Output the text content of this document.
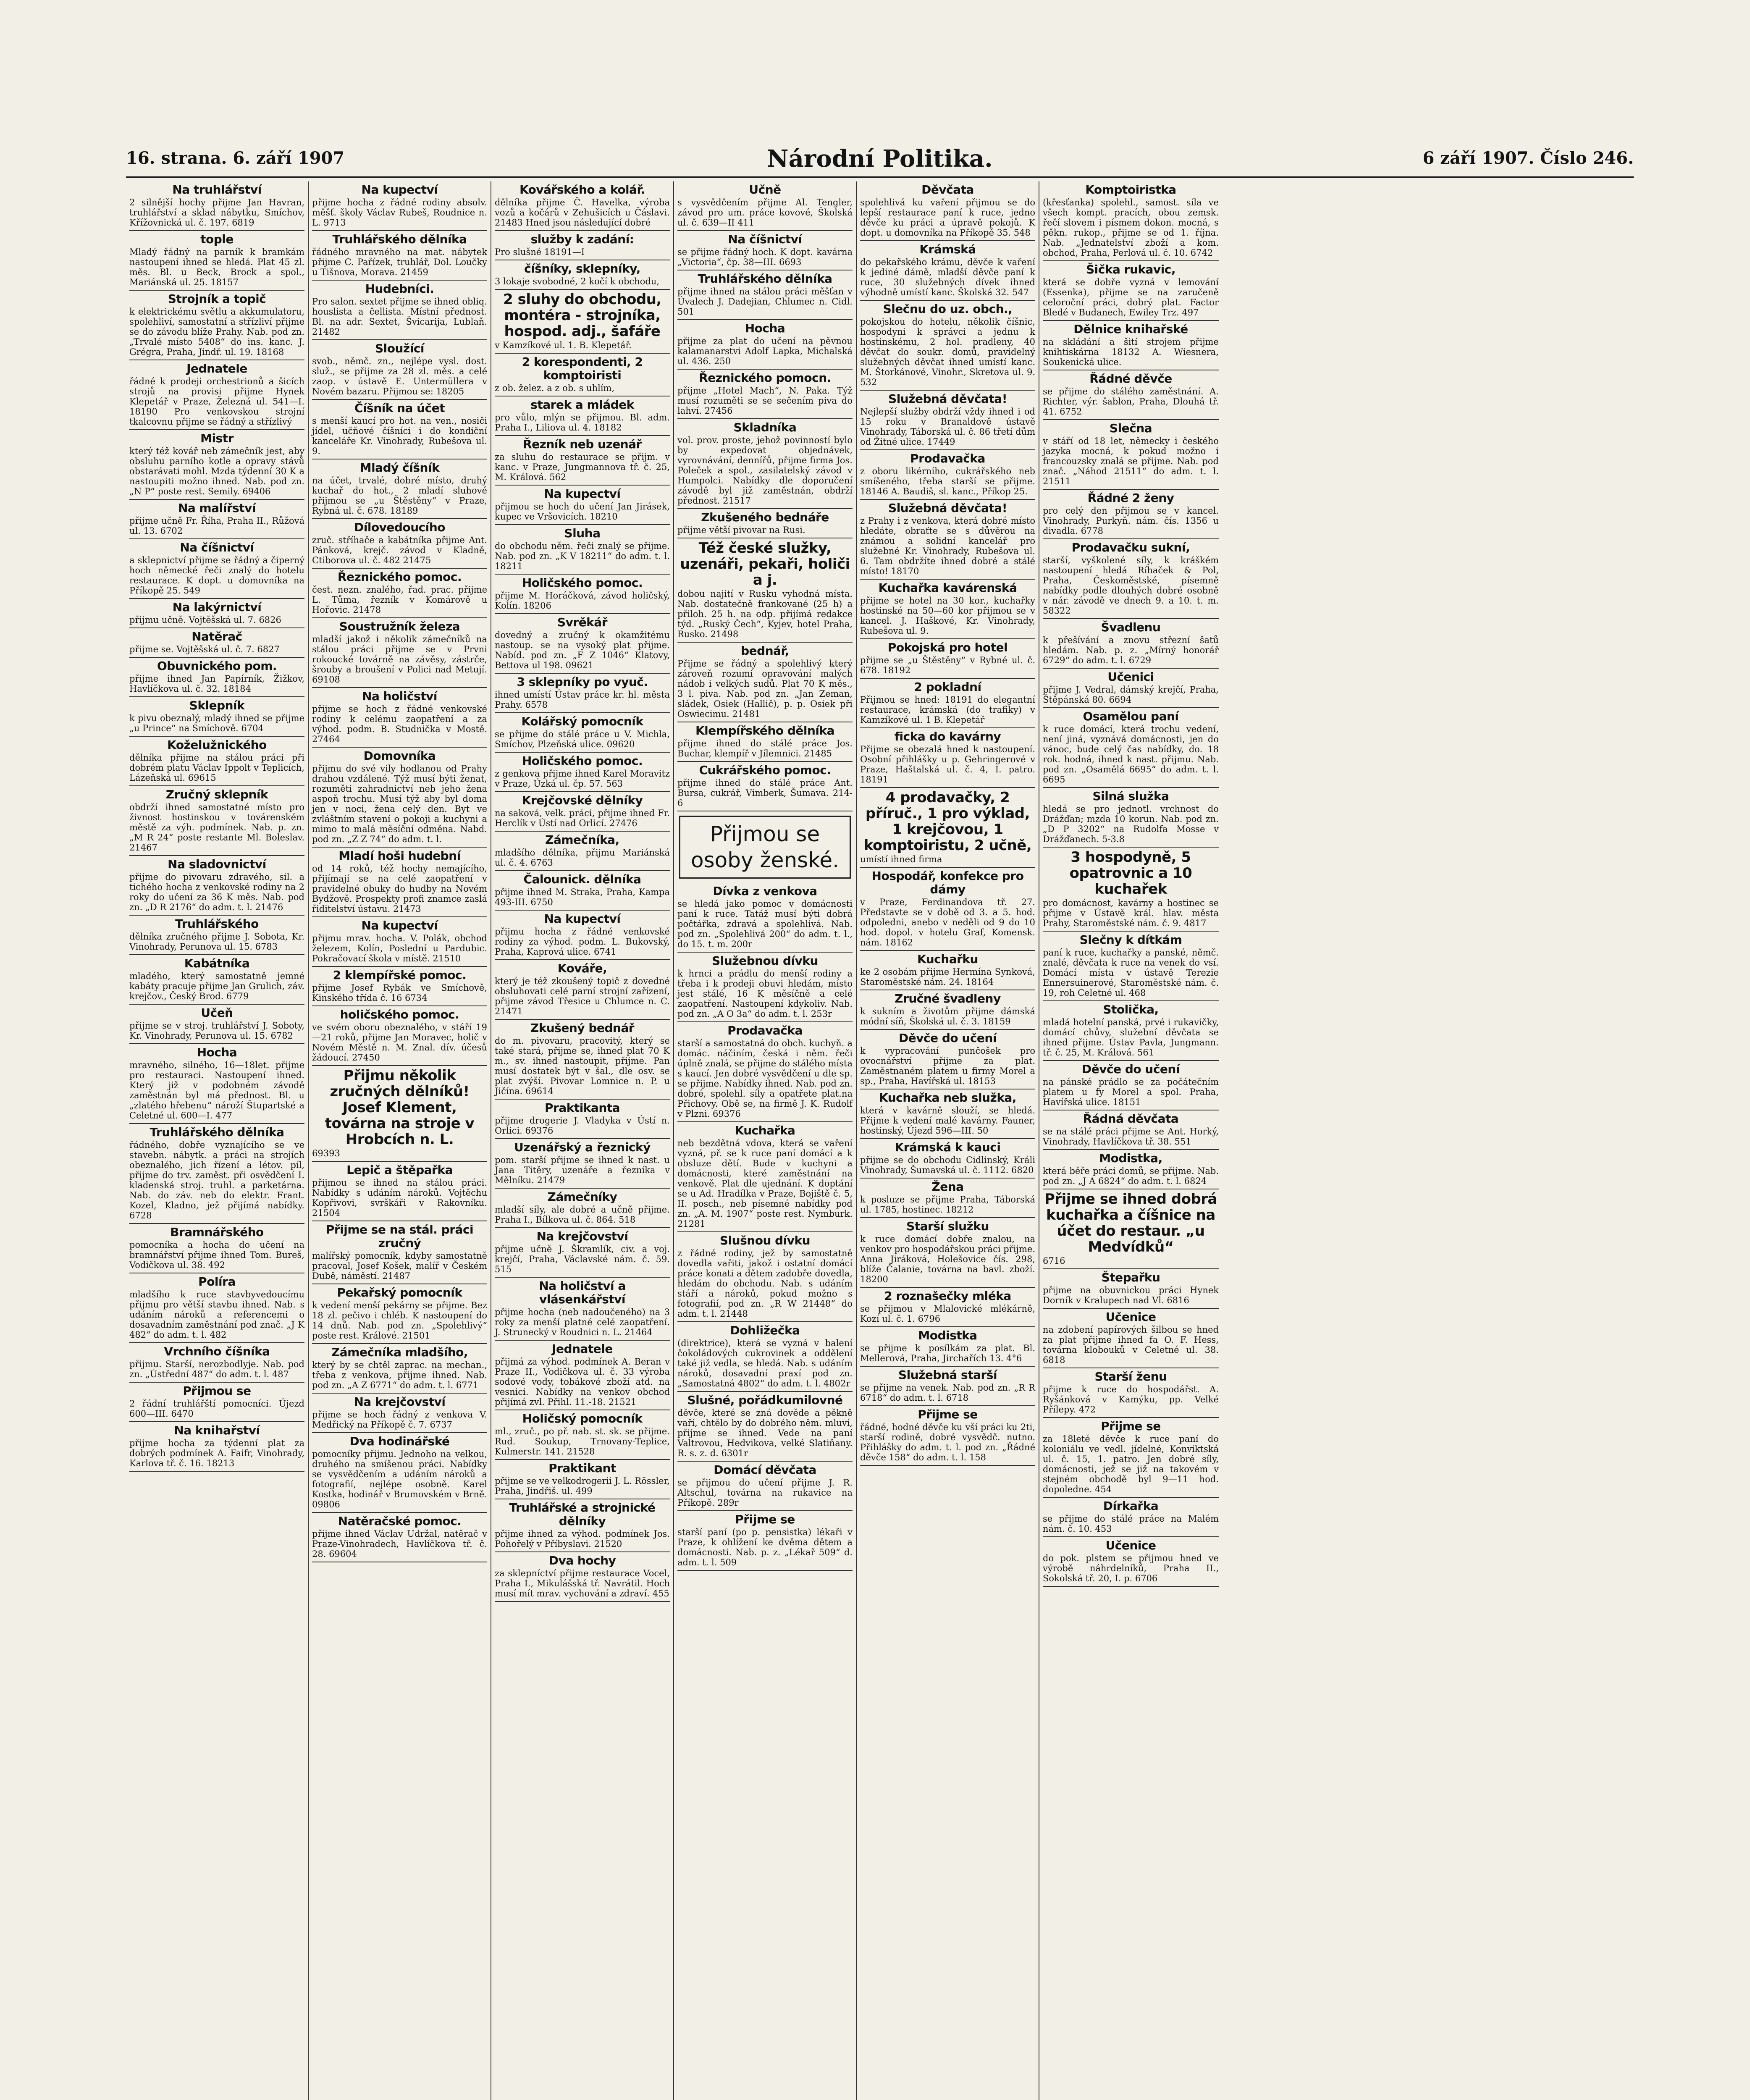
16. strana. 6. září 1907	Národní Politika.	6 září 1907. Číslo 246.
Na truhlářství
2 silnější hochy přijme Jan Havran, truhlářství a sklad nábytku, Smíchov, Křížovnická ul. č. 197. 6819
tople
Mladý řádný na parník k bramkám nastoupení ihned se hledá. Plat 45 zl. měs. Bl. u Beck, Brock a spol., Mariánská ul. 25. 18157
Strojník a topič
k elektrickému světlu a akkumulatoru, spolehliví, samostatní a střízliví přijme se do závodu blíže Prahy. Nab. pod zn. „Trvalé místo 5408“ do ins. kanc. J. Grégra, Praha, Jindř. ul. 19. 18168
Jednatele
řádné k prodeji orchestrionů a šicích strojů na provisi přijme Hynek Klepetář v Praze, Železná ul. 541—I. 18190 Pro venkovskou strojní tkalcovnu přijme se řádný a střízlivý
Mistr
který též kovář neb zámečník jest, aby obsluhu parního kotle a opravy stávů obstarávati mohl. Mzda týdenní 30 K a nastoupiti možno ihned. Nab. pod zn. „N P“ poste rest. Semily. 69406
Na malířství
přijme učně Fr. Říha, Praha II., Růžová ul. 13. 6702
Na číšnictví
a sklepnictví přijme se řádný a čiperný hoch německé řeči znalý do hotelu restaurace. K dopt. u domovníka na Příkopě 25. 549
Na lakýrnictví
přijmu učně. Vojtěšská ul. 7. 6826
Natěrač
přijme se. Vojtěšská ul. č. 7. 6827
Obuvnického pom.
přijme ihned Jan Papírník, Žižkov, Havlíčkova ul. č. 32. 18184
Sklepník
k pivu obeznalý, mladý ihned se přijme „u Prince“ na Smíchově. 6704
Koželužnického
dělníka přijme na stálou práci při dobrém platu Václav Ippolt v Teplicích, Lázeňská ul. 69615
Zručný sklepník
obdrží ihned samostatné místo pro živnost hostinskou v továrenském městě za výh. podmínek. Nab. p. zn. „M R 24“ poste restante Ml. Boleslav. 21467
Na sladovnictví
přijme do pivovaru zdravého, sil. a tichého hocha z venkovské rodiny na 2 roky do učení za 36 K měs. Nab. pod zn. „D R 2176“ do adm. t. l. 21476
Truhlářského
dělníka zručného přijme J. Sobota, Kr. Vinohrady, Perunova ul. 15. 6783
Kabátníka
mladého, který samostatně jemné kabáty pracuje přijme Jan Grulich, záv. krejčov., Český Brod. 6779
Učeň
přijme se v stroj. truhlářství J. Soboty, Kr. Vinohrady, Perunova ul. 15. 6782
Hocha
mravného, silného, 16—18let. přijme pro restauraci. Nastoupení ihned. Který již v podobném závodě zaměstnán byl má přednost. Bl. u „zlatého hřebenu“ nároží Štupartské a Celetné ul. 600—I. 477
Truhlářského dělníka
řádného, dobře vyznajícího se ve stavebn. nábytk. a práci na strojích obeznalého, jich řízení a létov. píl, přijme do trv. zaměst. při osvědčení I. kladenská stroj. truhl. a parketárna. Nab. do záv. neb do elektr. Frant. Kozel, Kladno, jež přijímá nabídky. 6728
Bramnářského
pomocníka a hocha do učení na bramnářství přijme ihned Tom. Bureš, Vodičkova ul. 38. 492
Políra
mladšího k ruce stavbyvedoucímu přijmu pro větší stavbu ihned. Nab. s udáním nároků a referencemi o dosavadním zaměstnání pod znač. „J K 482“ do adm. t. l. 482
Vrchního číšníka
přijmu. Starší, nerozbodlyje. Nab. pod zn. „Ústřední 487“ do adm. t. l. 487
Přijmou se
2 řádní truhlářští pomocníci. Újezd 600—III. 6470
Na knihařství
přijme hocha za týdenní plat za dobrých podmínek A. Faifr, Vinohrady, Karlova tř. č. 16. 18213
Na kupectví
přijme hocha z řádné rodiny absolv. měšť. školy Václav Rubeš, Roudnice n. L. 9713
Truhlářského dělníka
řádného mravného na mat. nábytek přijme C. Pařízek, truhlář, Dol. Loučky u Tišnova, Morava. 21459
Hudebníci.
Pro salon. sextet přijme se ihned obliq. houslista a čellista. Místní přednost. Bl. na adr. Sextet, Švicarija, Lublaň. 21482
Sloužící
svob., němč. zn., nejlépe vysl. dost. služ., se přijme za 28 zl. měs. a celé zaop. v ústavě E. Untermüllera v Novém bazaru. Přijmou se: 18205
Číšník na účet
s menší kaucí pro hot. na ven., nosiči jídel, učňové číšníci i do kondiční kanceláře Kr. Vinohrady, Rubešova ul. 9.
Mladý číšník
na účet, trvalé, dobré místo, druhý kuchař do hot., 2 mladí sluhové přijmou se „u Štěstěny“ v Praze, Rybná ul. č. 678. 18189
Dílovedoucího
zruč. stříhače a kabátníka přijme Ant. Pánková, krejč. závod v Kladně, Ctiborova ul. č. 482 21475
Řeznického pomoc.
čest. nezn. znalého, řad. prac. přijme L. Tůma, řezník v Komárově u Hořovic. 21478
Soustružník železa
mladší jakož i několik zámečníků na stálou práci přijme se v Prvni rokoucké továrně na závěsy, zástrče, šrouby a broušení v Polici nad Metují. 69108
Na holičství
přijme se hoch z řádné venkovské rodiny k celému zaopatření a za výhod. podm. B. Studnička v Mostě. 27464
Domovníka
přijmu do své vily hodlanou od Prahy drahou vzdálené. Týž musí býti ženat, rozuměti zahradnictví neb jeho žena aspoň trochu. Musí týž aby byl doma jen v noci, žena celý den. Byt ve zvláštním stavení o pokoji a kuchyni a mimo to malá měsíční odměna. Nabd. pod zn. „Z Z 74“ do adm. t. l.
Mladí hoši hudební
od 14 roků, též hochy nemajícího, přijímají se na celé zaopatření v pravidelné obuky do hudby na Novém Bydžově. Prospekty profi znamce zaslá řiditelství ústavu. 21473
Na kupectví
přijmu mrav. hocha. V. Polák, obchod železem, Kolín, Poslední u Pardubic. Pokračovací škola v místě. 21510
2 klempířské pomoc.
přijme Josef Rybák ve Smíchově, Kinského třída č. 16 6734
holičského pomoc.
ve svém oboru obeznalého, v stáří 19—21 roků, přijme Jan Moravec, holič v Novém Městě n. M. Znal. dív. účesů žádoucí. 27450
Přijmu několik zručných dělníků! Josef Klement, továrna na stroje v Hrobcích n. L.
69393
Lepič a štěpařka
přijmou se ihned na stálou práci. Nabídky s udáním nároků. Vojtěchu Kopřivovi, svrškáři v Rakovníku. 21504
Přijme se na stál. práci zručný
malířský pomocník, kdyby samostatně pracoval, Josef Košek, malíř v Českém Dubě, náměstí. 21487
Pekařský pomocník
k vedení menší pekárny se přijme. Bez 18 zl. pečivo i chléb. K nastoupení do 14 dnů. Nab. pod zn. „Spolehlivý“ poste rest. Králové. 21501
Zámečníka mladšího,
který by se chtěl zaprac. na mechan., třeba z venkova, přijme ihned. Nab. pod zn. „A Z 6771“ do adm. t. l. 6771
Na krejčovství
přijme se hoch řádný z venkova V. Medřický na Příkopě č. 7. 6737
Dva hodinářské
pomocníky přijmu. Jednoho na velkou, druhého na smíšenou práci. Nabídky se vysvědčením a udáním nároků a fotografií, nejlépe osobně. Karel Kostka, hodinář v Brumovském v Brně. 09806
Natěračské pomoc.
přijme ihned Václav Udržal, natěrač v Praze-Vinohradech, Havlíčkova tř. č. 28. 69604
Kovářského a kolář.
dělníka přijme Č. Havelka, výroba vozů a kočárů v Zehušicích u Čáslavi. 21483 Hned jsou následující dobré
služby k zadání:
Pro slušné 18191—I
číšníky, sklepníky,
3 lokaje svobodné, 2 kočí k obchodu,
2 sluhy do obchodu, montéra - strojníka, hospod. adj., šafáře
v Kamzíkové ul. 1. B. Klepetář.
2 korespondenti, 2 komptoiristi
z ob. želez. a z ob. s uhlím,
starek a mládek
pro vůlo, mlýn se přijmou. Bl. adm. Praha I., Liliova ul. 4. 18182
Řezník neb uzenář
za sluhu do restaurace se přijm. v kanc. v Praze, Jungmannova tř. č. 25, M. Králová. 562
Na kupectví
přijmou se hoch do učení Jan Jirásek, kupec ve Vršovicích. 18210
Sluha
do obchodu něm. řeči znalý se přijme. Nab. pod zn. „K V 18211“ do adm. t. l. 18211
Holičského pomoc.
přijme M. Horáčková, závod holičský, Kolín. 18206
Svrěkář
dovedný a zručný k okamžitému nastoup. se na vysoký plat přijme. Nabíd. pod zn. „F Z 1046“ Klatovy, Bettova ul 198. 09621
3 sklepníky po vyuč.
ihned umístí Ústav práce kr. hl. města Prahy. 6578
Kolářský pomocník
se přijme do stálé práce u V. Michla, Smíchov, Plzeňská ulice. 09620
Holičského pomoc.
z genkova přijme ihned Karel Moravitz v Praze, Úzká ul. čp. 57. 563
Krejčovské dělníky
na saková, velk. práci, přijme ihned Fr. Herclík v Ústí nad Orlicí. 27476
Zámečníka,
mladšího dělníka, přijmu Mariánská ul. č. 4. 6763
Čalounick. dělníka
přijme ihned M. Straka, Praha, Kampa 493-III. 6750
Na kupectví
přijmu hocha z řádné venkovské rodiny za výhod. podm. L. Bukovský, Praha, Kaprová ulice. 6741
Kováře,
který je též zkoušený topič z dovedné obsluhovati celé parní strojní zařízení, přijme závod Třesice u Chlumce n. C. 21471
Zkušený bednář
do m. pivovaru, pracovitý, který se také stará, přijme se, ihned plat 70 K m., sv. ihned nastoupit, přijme. Pan musí dostatek být v šal., dle osv. se plat zvýší. Pivovar Lomnice n. P. u Jičína. 69614
Praktikanta
přijme drogerie J. Vladyka v Ústí n. Orlici. 69376
Uzenářský a řeznický
pom. starší přijme se ihned k nast. u Jana Titěry, uzenáře a řezníka v Mělníku. 21479
Zámečníky
mladší síly, ale dobré a učně přijme. Praha I., Bílkova ul. č. 864. 518
Na krejčovství
přijme učně J. Škramlík, civ. a voj. krejčí, Praha, Václavské nám. č. 59. 515
Na holičství a vlásenkářství
přijme hocha (neb nadoučeného) na 3 roky za menší platné celé zaopatření. J. Strunecký v Roudnici n. L. 21464
Jednatele
přijmá za výhod. podmínek A. Beran v Praze II., Vodičkova ul. č. 33 výroba sodové vody, tobákové zboží atd. na vesnici. Nabídky na venkov obchod přijímá zvl. Přihl. 11.-18. 21521
Holičský pomocník
ml., zruč., po př. nab. st. sk. se přijme. Rud. Soukup, Trnovany-Teplice, Kulmerstr. 141. 21528
Praktikant
přijme se ve velkodrogerii J. L. Rössler, Praha, Jindřiš. ul. 499
Truhlářské a strojnické dělníky
přijme ihned za výhod. podmínek Jos. Pohořelý v Příbyslavi. 21520
Dva hochy
za sklepníctví přijme restaurace Vocel, Praha I., Mikulášská tř. Navrátil. Hoch musí mít mrav. vychování a zdraví. 455
Učně
s vysvědčením přijme Al. Tengler, závod pro um. práce kovové, Školská ul. č. 639—II 411
Na číšnictví
se přijme řádný hoch. K dopt. kavárna „Victoria“, čp. 38—III. 6693
Truhlářského dělníka
přijme ihned na stálou práci měšťan v Úvalech J. Dadejian, Chlumec n. Cidl. 501
Hocha
přijme za plat do učení na pěvnou kalamanarstvi Adolf Lapka, Michalská ul. 436. 250
Řeznického pomocn.
přijme „Hotel Mach“, N. Paka. Týž musí rozuměti se se sečením piva do lahví. 27456
Skladníka
vol. prov. proste, jehož povinností bylo by expedovat objednávek, vyrovnávání, dennířů, přijme firma Jos. Poleček a spol., zasilatelský závod v Humpolci. Nabídky dle doporučení závodě byl již zaměstnán, obdrží přednost. 21517
Zkušeného bednáře
přijme větší pivovar na Rusi.
Též české služky, uzenáři, pekaři, holiči a j.
dobou najití v Rusku vyhodná místa. Nab. dostatečně frankované (25 h) a přiloh. 25 h. na odp. přijímá redakce týd. „Ruský Čech“, Kyjev, hotel Praha, Rusko. 21498
bednář,
Přijme se řádný a spolehlivý který zároveň rozumí opravování malých nádob i velkých sudů. Plat 70 K měs., 3 l. piva. Nab. pod zn. „Jan Zeman, sládek, Osiek (Hallič), p. p. Osiek při Oswiecimu. 21481
Klempířského dělníka
přijme ihned do stálé práce Jos. Buchar, klempíř v Jílemnici. 21485
Cukrářského pomoc.
přijme ihned do stálé práce Ant. Bursa, cukrář, Vimberk, Šumava. 214-6
Přijmou se osoby ženské.
Dívka z venkova
se hledá jako pomoc v domácnosti paní k ruce. Tatáž musí býti dobrá počtářka, zdravá a spolehlivá. Nab. pod zn. „Spolehlivá 200“ do adm. t. l., do 15. t. m. 200r
Služebnou dívku
k hrnci a prádlu do menší rodiny a třeba i k prodeji obuvi hledám, místo jest stálé, 16 K měsíčně a celé zaopatření. Nastoupení kdykoliv. Nab. pod zn. „A O 3a“ do adm. t. l. 253r
Prodavačka
starší a samostatná do obch. kuchyň. a domác. náčiním, česká i něm. řeči úplně znalá, se přijme do stálého místa s kaucí. Jen dobré vysvědčení u dle sp. se přijme. Nabídky ihned. Nab. pod zn. dobré, spolehl. síly a opatřete plat.na Přichovy. Obě se, na firmě J. K. Rudolf v Plzni. 69376
Kuchařka
neb bezdětná vdova, která se vaření vyzná, př. se k ruce paní domácí a k obsluze dětí. Bude v kuchyni a domácnosti, které zaměstnání na venkově. Plat dle ujednání. K doptání se u Ad. Hradílka v Praze, Bojiště č. 5, II. posch., neb písemné nabídky pod zn. „A. M. 1907“ poste rest. Nymburk. 21281
Slušnou dívku
z řádné rodiny, jež by samostatně dovedla vařiti, jakož i ostatní domácí práce konati a dětem zadobře dovedla, hledám do obchodu. Nab. s udáním stáří a nároků, pokud možno s fotografií, pod zn. „R W 21448“ do adm. t. l. 21448
Dohližečka
(direktrice), která se vyzná v balení čokoládových cukrovinek a oddělení také již vedla, se hledá. Nab. s udáním nároků, dosavadní praxí pod zn. „Samostatná 4802“ do adm. t. l. 4802r
Slušné, pořádkumilovné
děvče, které se zná dověde a pěkně vaří, chtělo by do dobrého něm. mluví, přijme se ihned. Vede na paní Valtrovou, Hedvikova, velké Slatiňany. R. s. z. d. 6301r
Domácí děvčata
se přijmou do učení přijme J. R. Altschul, továrna na rukavice na Příkopě. 289r
Přijme se
starší paní (po p. pensistka) lékaři v Praze, k ohlížení ke dvěma dětem a domácnosti. Nab. p. z. „Lékař 509“ d. adm. t. l. 509
Děvčata
spolehlivá ku vaření přijmou se do lepší restaurace paní k ruce, jedno děvče ku práci a úpravě pokojů. K dopt. u domovníka na Příkopě 35. 548
Krámská
do pekařského krámu, děvče k vaření k jediné dámě, mladší děvče paní k ruce, 30 služebných dívek ihned výhodně umístí kanc. Školská 32. 547
Slečnu do uz. obch.,
pokojskou do hotelu, několik číšnic, hospodyni k správci a jednu k hostinskému, 2 hol. pradleny, 40 děvčat do soukr. domů, pravidelný služebných děvčat ihned umístí kanc. M. Štorkánové, Vinohr., Skretova ul. 9. 532
Služebná děvčata!
Nejlepší služby obdrží vždy ihned i od 15 roku v Branaldově ústavě Vinohrady, Táborská ul. č. 86 třetí dům od Žitné ulice. 17449
Prodavačka
z oboru likérního, cukrářského neb smíšeného, třeba starší se přijme. 18146 A. Baudiš, sl. kanc., Příkop 25.
Služebná děvčata!
z Prahy i z venkova, která dobré místo hledáte, obraťte se s důvěrou na známou a solidní kancelář pro služebné Kr. Vinohrady, Rubešova ul. 6. Tam obdržíte ihned dobré a stálé místo! 18170
Kuchařka kavárenská
přijme se hotel na 30 kor., kuchařky hostinské na 50—60 kor přijmou se v kancel. J. Haškové, Kr. Vinohrady, Rubešova ul. 9.
Pokojská pro hotel
přijme se „u Štěstěny“ v Rybné ul. č. 678. 18192
2 pokladní
Přijmou se hned: 18191 do elegantní restaurace, krámská (do trafiky) v Kamzíkové ul. 1 B. Klepetář
ficka do kavárny
Přijme se obezalá hned k nastoupení. Osobní přihlášky u p. Gehringerové v Praze, Haštalská ul. č. 4, I. patro. 18191
4 prodavačky, 2 příruč., 1 pro výklad, 1 krejčovou, 1 komptoiristu, 2 učně,
umístí ihned firma
Hospodář, konfekce pro dámy
v Praze, Ferdinandova tř. 27. Představte se v době od 3. a 5. hod. odpoledni, anebo v neděli od 9 do 10 hod. dopol. v hotelu Graf, Komensk. nám. 18162
Kuchařku
ke 2 osobám přijme Hermína Synková, Staroměstské nám. 24. 18164
Zručné švadleny
k sukním a životům přijme dámská módní síň, Školská ul. č. 3. 18159
Děvče do učení
k vypracování punčošek pro ovocnářství přijme za plat. Zaměstnaném platem u firmy Morel a sp., Praha, Havířská ul. 18153
Kuchařka neb služka,
která v kavárně slouží, se hledá. Přijme k vedení malé kavárny. Fauner, hostinský, Újezd 596—III. 50
Krámská k kauci
přijme se do obchodu Cidlinský, Králi Vinohrady, Šumavská ul. č. 1112. 6820
Žena
k posluze se přijme Praha, Táborská ul. 1785, hostinec. 18212
Starší služku
k ruce domácí dobře znalou, na venkov pro hospodářskou práci přijme. Anna Jiráková, Holešovice čís. 298, blíže Čalanie, továrna na bavl. zboží. 18200
2 roznašečky mléka
se přijmou v Mlalovické mlékárně, Kozí ul. č. 1. 6796
Modistka
se přijme k posílkám za plat. Bl. Mellerová, Praha, Jirchařích 13. 4°6
Služebná starší
se přijme na venek. Nab. pod zn. „R R 6718“ do adm. t. l. 6718
Přijme se
řádné, hodné děvče ku vší práci ku 2ti, starší rodině, dobré vysvědč. nutno. Přihlášky do adm. t. l. pod zn. „Řádné děvče 158“ do adm. t. l. 158
Komptoiristka
(křesťanka) spolehl., samost. síla ve všech kompt. pracích, obou zemsk. řečí slovem i písmem dokon. mocná, s pěkn. rukop., přijme se od 1. října. Nab. „Jednatelství zboží a kom. obchod, Praha, Perlová ul. č. 10. 6742
Šička rukavic,
která se dobře vyzná v lemování (Essenka), přijme se na zaručeně celoroční práci, dobrý plat. Factor Bledé v Budanech, Ewiley Trz. 497
Dělnice knihařské
na skládání a šití strojem přijme knihtiskárna 18132 A. Wiesnera, Soukenická ulice.
Řádné děvče
se přijme do stálého zaměstnání. A. Richter, výr. šablon, Praha, Dlouhá tř. 41. 6752
Slečna
v stáří od 18 let, německy i českého jazyka mocná, k pokud možno i francouzsky znalá se přijme. Nab. pod znač. „Náhod 21511“ do adm. t. l. 21511
Řádné 2 ženy
pro celý den přijmou se v kancel. Vinohrady, Purkyň. nám. čís. 1356 u divadla. 6778
Prodavačku sukní,
starší, vyškolené síly, k kráškém nastoupení hledá Ríhaček & Pol, Praha, Českoměstské, písemně nabídky podle dlouhých dobré osobně v nár. závodě ve dnech 9. a 10. t. m. 58322
Švadlenu
k přešívání a znovu střezní šatů hledám. Nab. p. z. „Mírný honorář 6729“ do adm. t. l. 6729
Učenici
přijme J. Vedral, dámský krejčí, Praha, Štěpánská 80. 6694
Osamělou paní
k ruce domácí, která trochu vedení, není jiná, vyznává domácnosti, jen do vánoc, bude celý čas nabídky, do. 18 rok. hodná, ihned k nast. přijmu. Nab. pod zn. „Osamělá 6695“ do adm. t. l. 6695
Silná služka
hledá se pro jednotl. vrchnost do Drážďan; mzda 10 korun. Nab. pod zn. „D P 3202“ na Rudolfa Mosse v Drážďanech. 5-3.8
3 hospodyně, 5 opatrovnic a 10 kuchařek
pro domácnost, kavárny a hostinec se přijme v Ústavě král. hlav. města Prahy, Staroměstské nám. č. 9. 4817
Slečny k dítkám
paní k ruce, kuchařky a panské, němč. znalé, děvčata k ruce na venek do vsí. Domácí místa v ústavě Terezie Ennersuinerové, Staroměstské nám. č. 19, roh Celetné ul. 468
Stolička,
mladá hotelní panská, prvé i rukavičky, domácí chůvy, služební děvčata se ihned přijme. Ústav Pavla, Jungmann. tř. č. 25, M. Králová. 561
Děvče do učení
na pánské prádlo se za počátečním platem u fy Morel a spol. Praha, Havířská ulice. 18151
Řádná děvčata
se na stálé práci přijme se Ant. Horký, Vinohrady, Havlíčkova tř. 38. 551
Modistka,
která běře práci domů, se přijme. Nab. pod zn. „J A 6824“ do adm. t. l. 6824
Přijme se ihned dobrá kuchařka a číšnice na účet do restaur. „u Medvídků“
6716
Štepařku
přijme na obuvnickou práci Hynek Dorník v Kralupech nad Vl. 6816
Učenice
na zdobení papírových šilbou se hned za plat přijme ihned fa O. F. Hess, továrna klobouků v Celetné ul. 38. 6818
Starší ženu
přijme k ruce do hospodářst. A. Ryšánková v Kamýku, pp. Velké Přílepy. 472
Přijme se
za 18leté děvče k ruce paní do koloniálu ve vedl. jídelné, Konviktská ul. č. 15, 1. patro. Jen dobré síly, domácnosti, jež se již na takovém v stejném obchodě byl 9—11 hod. dopoledne. 454
Dírkařka
se přijme do stálé práce na Malém nám. č. 10. 453
Učenice
do pok. plstem se přijmou hned ve výrobě náhrdelníků, Praha II., Sokolská tř. 20, I. p. 6706
